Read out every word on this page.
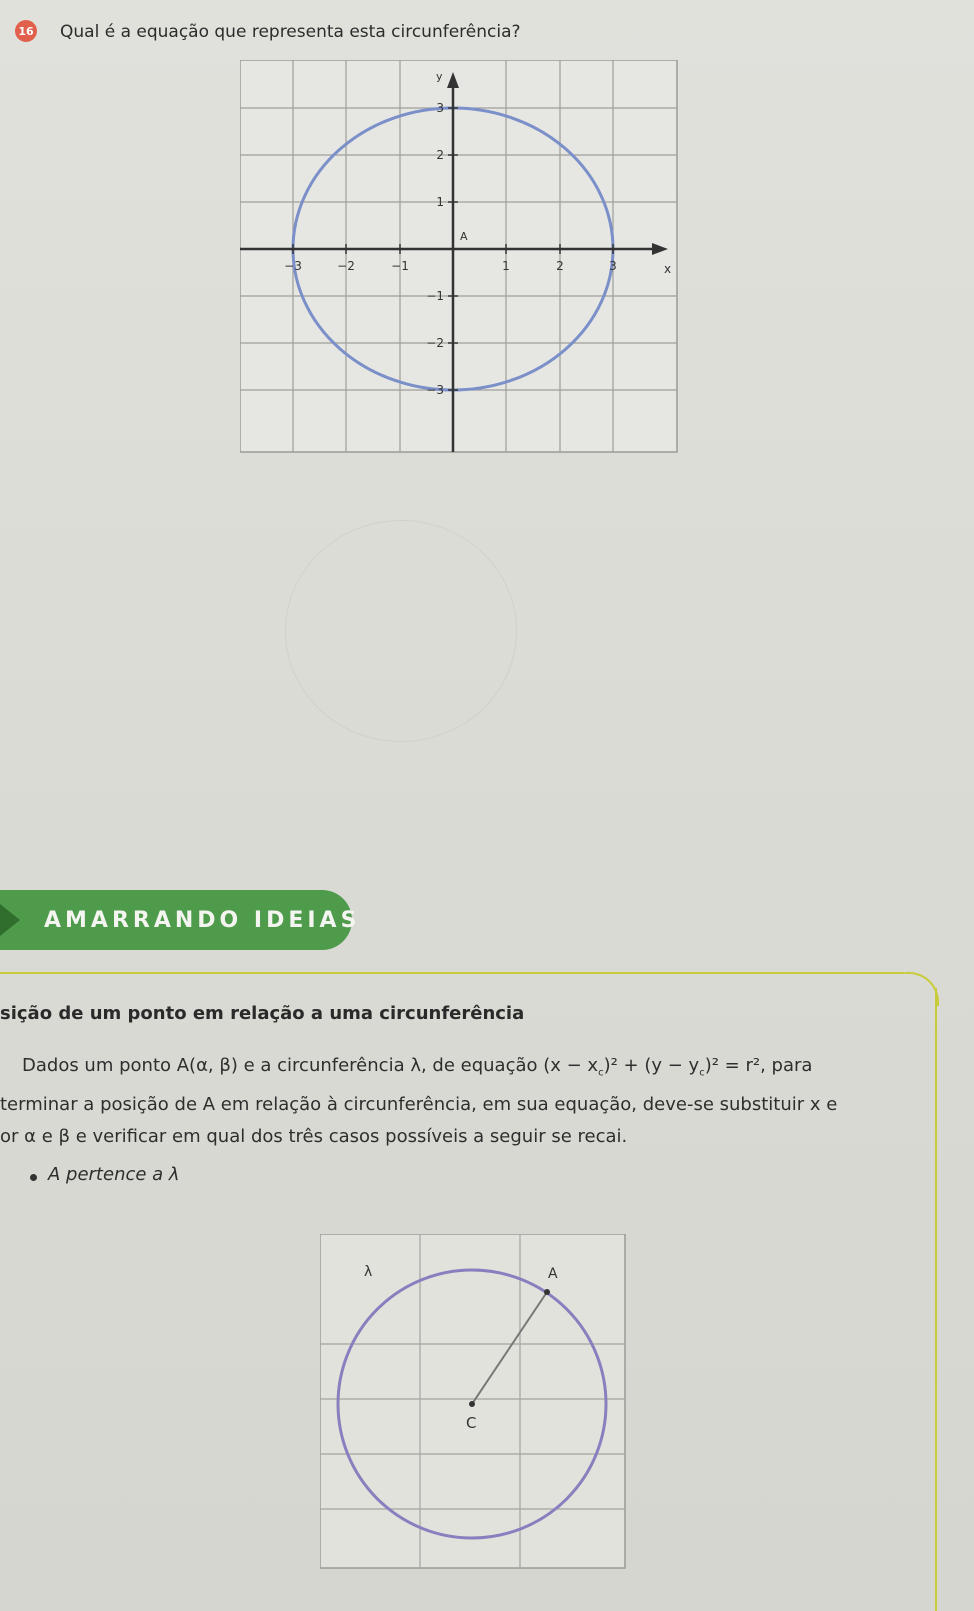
16 Qual é a equação que representa esta circunferência?
x
y
A
−3	−2	−1	1	2	3
3
2
1
−1
−2
−3
AMARRANDO IDEIAS
sição de um ponto em relação a uma circunferência
Dados um ponto A(α, β) e a circunferência λ, de equação $(x - x_c)^2 + (y - y_c)^2 = r^2$, para
terminar a posição de A em relação à circunferência, em sua equação, deve-se substituir x e
or α e β e verificar em qual dos três casos possíveis a seguir se recai.
A pertence a λ
λ	A
C
